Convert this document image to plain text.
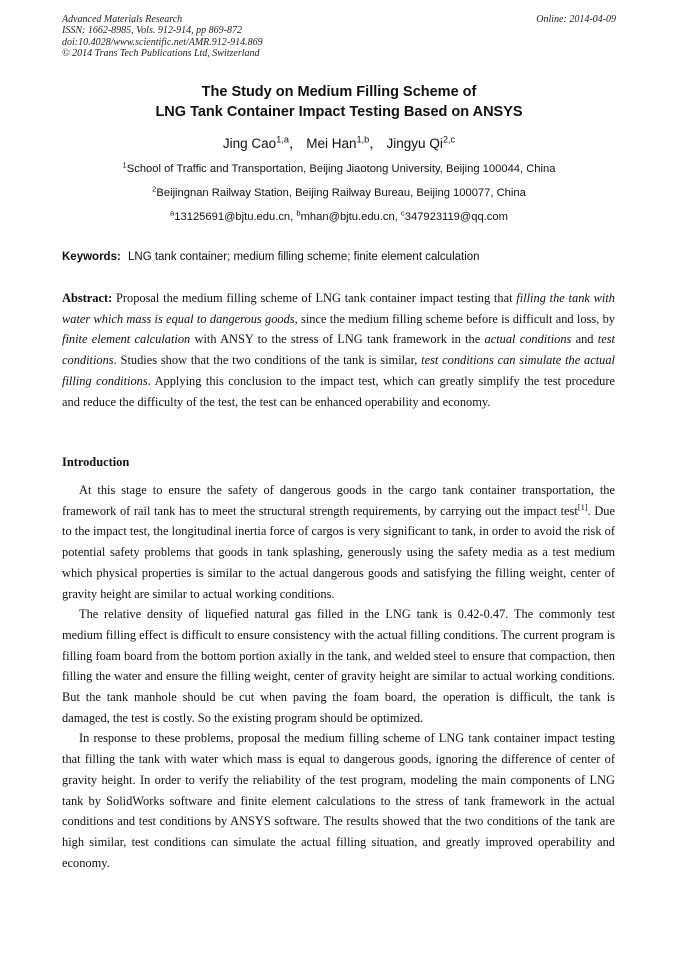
Advanced Materials Research
ISSN: 1662-8985, Vols. 912-914, pp 869-872
doi:10.4028/www.scientific.net/AMR.912-914.869
© 2014 Trans Tech Publications Ltd, Switzerland
Online: 2014-04-09
The Study on Medium Filling Scheme of
LNG Tank Container Impact Testing Based on ANSYS
Jing Cao$^{1,a}$， Mei Han$^{1,b}$， Jingyu Qi$^{2,c}$
$^1$School of Traffic and Transportation, Beijing Jiaotong University, Beijing 100044, China
$^2$Beijingnan Railway Station, Beijing Railway Bureau, Beijing 100077, China
$^a$13125691@bjtu.edu.cn, $^b$mhan@bjtu.edu.cn, $^c$347923119@qq.com
Keywords: LNG tank container; medium filling scheme; finite element calculation

Abstract: Proposal the medium filling scheme of LNG tank container impact testing that filling the tank with water which mass is equal to dangerous goods, since the medium filling scheme before is difficult and loss, by finite element calculation with ANSY to the stress of LNG tank framework in the actual conditions and test conditions. Studies show that the two conditions of the tank is similar, test conditions can simulate the actual filling conditions. Applying this conclusion to the impact test, which can greatly simplify the test procedure and reduce the difficulty of the test, the test can be enhanced operability and economy.

Introduction

At this stage to ensure the safety of dangerous goods in the cargo tank container transportation, the framework of rail tank has to meet the structural strength requirements, by carrying out the impact test[1]. Due to the impact test, the longitudinal inertia force of cargos is very significant to tank, in order to avoid the risk of potential safety problems that goods in tank splashing, generously using the safety media as a test medium which physical properties is similar to the actual dangerous goods and satisfying the filling weight, center of gravity height are similar to actual working conditions.

The relative density of liquefied natural gas filled in the LNG tank is 0.42-0.47. The commonly test medium filling effect is difficult to ensure consistency with the actual filling conditions. The current program is filling foam board from the bottom portion axially in the tank, and welded steel to ensure that compaction, then filling the water and ensure the filling weight, center of gravity height are similar to actual working conditions. But the tank manhole should be cut when paving the foam board, the operation is difficult, the tank is damaged, the test is costly. So the existing program should be optimized.

In response to these problems, proposal the medium filling scheme of LNG tank container impact testing that filling the tank with water which mass is equal to dangerous goods, ignoring the difference of center of gravity height. In order to verify the reliability of the test program, modeling the main components of LNG tank by SolidWorks software and finite element calculations to the stress of tank framework in the actual conditions and test conditions by ANSYS software. The results showed that the two conditions of the tank are high similar, test conditions can simulate the actual filling situation, and greatly improved operability and economy.
